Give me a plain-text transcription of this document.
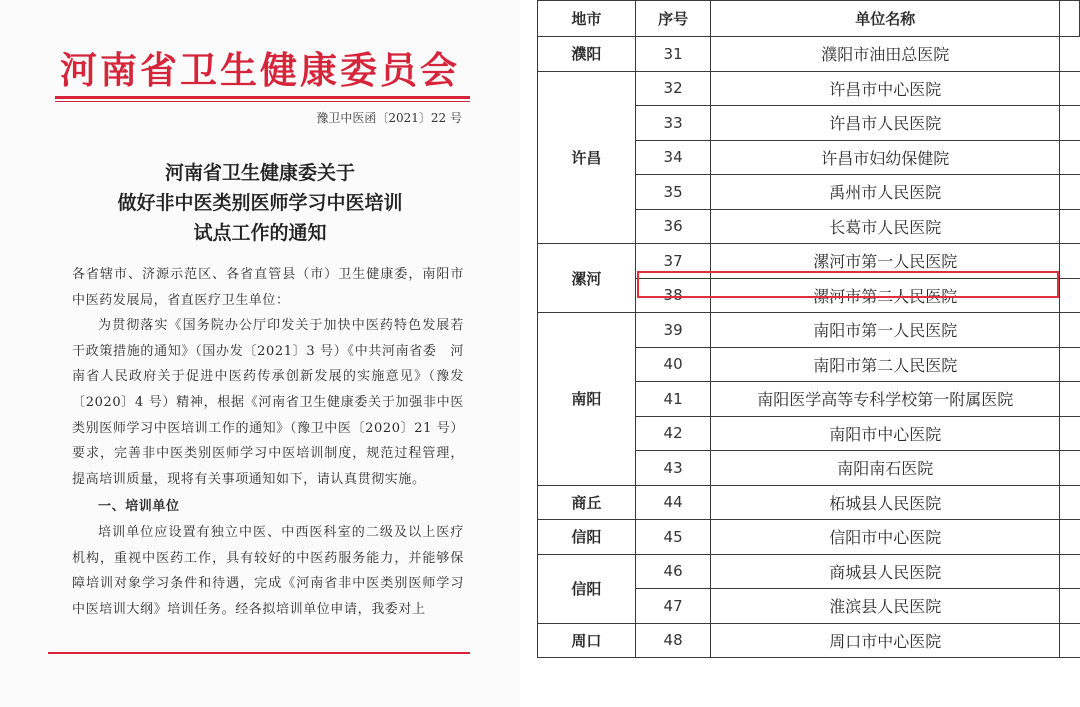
河南省卫生健康委员会
豫卫中医函〔2021〕22 号
河南省卫生健康委关于
做好非中医类别医师学习中医培训
试点工作的通知

各省辖市、济源示范区、各省直管县（市）卫生健康委，南阳市中医药发展局，省直医疗卫生单位：

为贯彻落实《国务院办公厅印发关于加快中医药特色发展若干政策措施的通知》（国办发〔2021〕3 号）《中共河南省委　河南省人民政府关于促进中医药传承创新发展的实施意见》（豫发〔2020〕4 号）精神，根据《河南省卫生健康委关于加强非中医类别医师学习中医培训工作的通知》（豫卫中医〔2020〕21 号）要求，完善非中医类别医师学习中医培训制度，规范过程管理，提高培训质量，现将有关事项通知如下，请认真贯彻实施。

一、培训单位

培训单位应设置有独立中医、中西医科室的二级及以上医疗机构，重视中医药工作，具有较好的中医药服务能力，并能够保障培训对象学习条件和待遇，完成《河南省非中医类别医师学习中医培训大纲》培训任务。经各拟培训单位申请，我委对上

地市	序号	单位名称	
濮阳	31	濮阳市油田总医院	
许昌	32	许昌市中心医院	
	33	许昌市人民医院	
	34	许昌市妇幼保健院	
	35	禹州市人民医院	
	36	长葛市人民医院	
漯河	37	漯河市第一人民医院	
	38	漯河市第二人民医院	
南阳	39	南阳市第一人民医院	
	40	南阳市第二人民医院	
	41	南阳医学高等专科学校第一附属医院	
	42	南阳市中心医院	
	43	南阳南石医院	
商丘	44	柘城县人民医院	
信阳	45	信阳市中心医院	
信阳	46	商城县人民医院	
	47	淮滨县人民医院	
周口	48	周口市中心医院	
